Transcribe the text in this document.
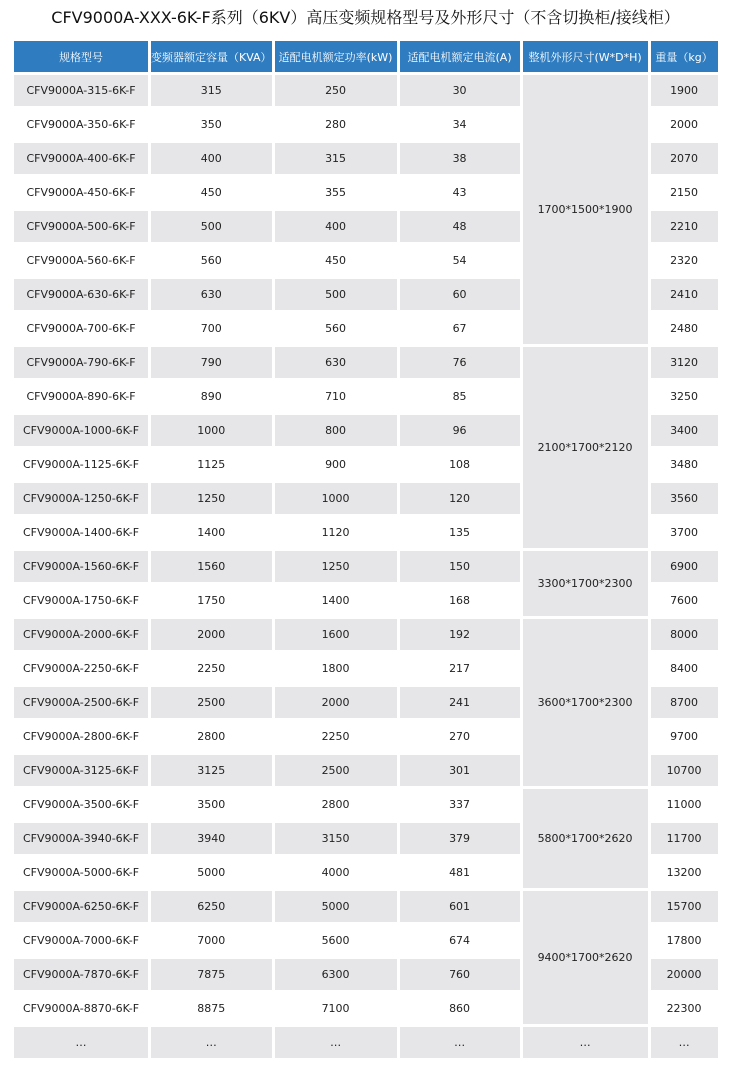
CFV9000A-XXX-6K-F系列（6KV）高压变频规格型号及外形尺寸（不含切换柜/接线柜）
规格型号	变频器额定容量（KVA）	适配电机额定功率(kW)	适配电机额定电流(A)	整机外形尺寸(W*D*H)	重量（kg）
CFV9000A-315-6K-F	315	250	30	1700*1500*1900	1900
CFV9000A-350-6K-F	350	280	34		2000
CFV9000A-400-6K-F	400	315	38		2070
CFV9000A-450-6K-F	450	355	43		2150
CFV9000A-500-6K-F	500	400	48		2210
CFV9000A-560-6K-F	560	450	54		2320
CFV9000A-630-6K-F	630	500	60		2410
CFV9000A-700-6K-F	700	560	67		2480
CFV9000A-790-6K-F	790	630	76	2100*1700*2120	3120
CFV9000A-890-6K-F	890	710	85		3250
CFV9000A-1000-6K-F	1000	800	96		3400
CFV9000A-1125-6K-F	1125	900	108		3480
CFV9000A-1250-6K-F	1250	1000	120		3560
CFV9000A-1400-6K-F	1400	1120	135		3700
CFV9000A-1560-6K-F	1560	1250	150	3300*1700*2300	6900
CFV9000A-1750-6K-F	1750	1400	168		7600
CFV9000A-2000-6K-F	2000	1600	192	3600*1700*2300	8000
CFV9000A-2250-6K-F	2250	1800	217		8400
CFV9000A-2500-6K-F	2500	2000	241		8700
CFV9000A-2800-6K-F	2800	2250	270		9700
CFV9000A-3125-6K-F	3125	2500	301		10700
CFV9000A-3500-6K-F	3500	2800	337	5800*1700*2620	11000
CFV9000A-3940-6K-F	3940	3150	379		11700
CFV9000A-5000-6K-F	5000	4000	481		13200
CFV9000A-6250-6K-F	6250	5000	601	9400*1700*2620	15700
CFV9000A-7000-6K-F	7000	5600	674		17800
CFV9000A-7870-6K-F	7875	6300	760		20000
CFV9000A-8870-6K-F	8875	7100	860		22300
…	…	…	…	…	…
